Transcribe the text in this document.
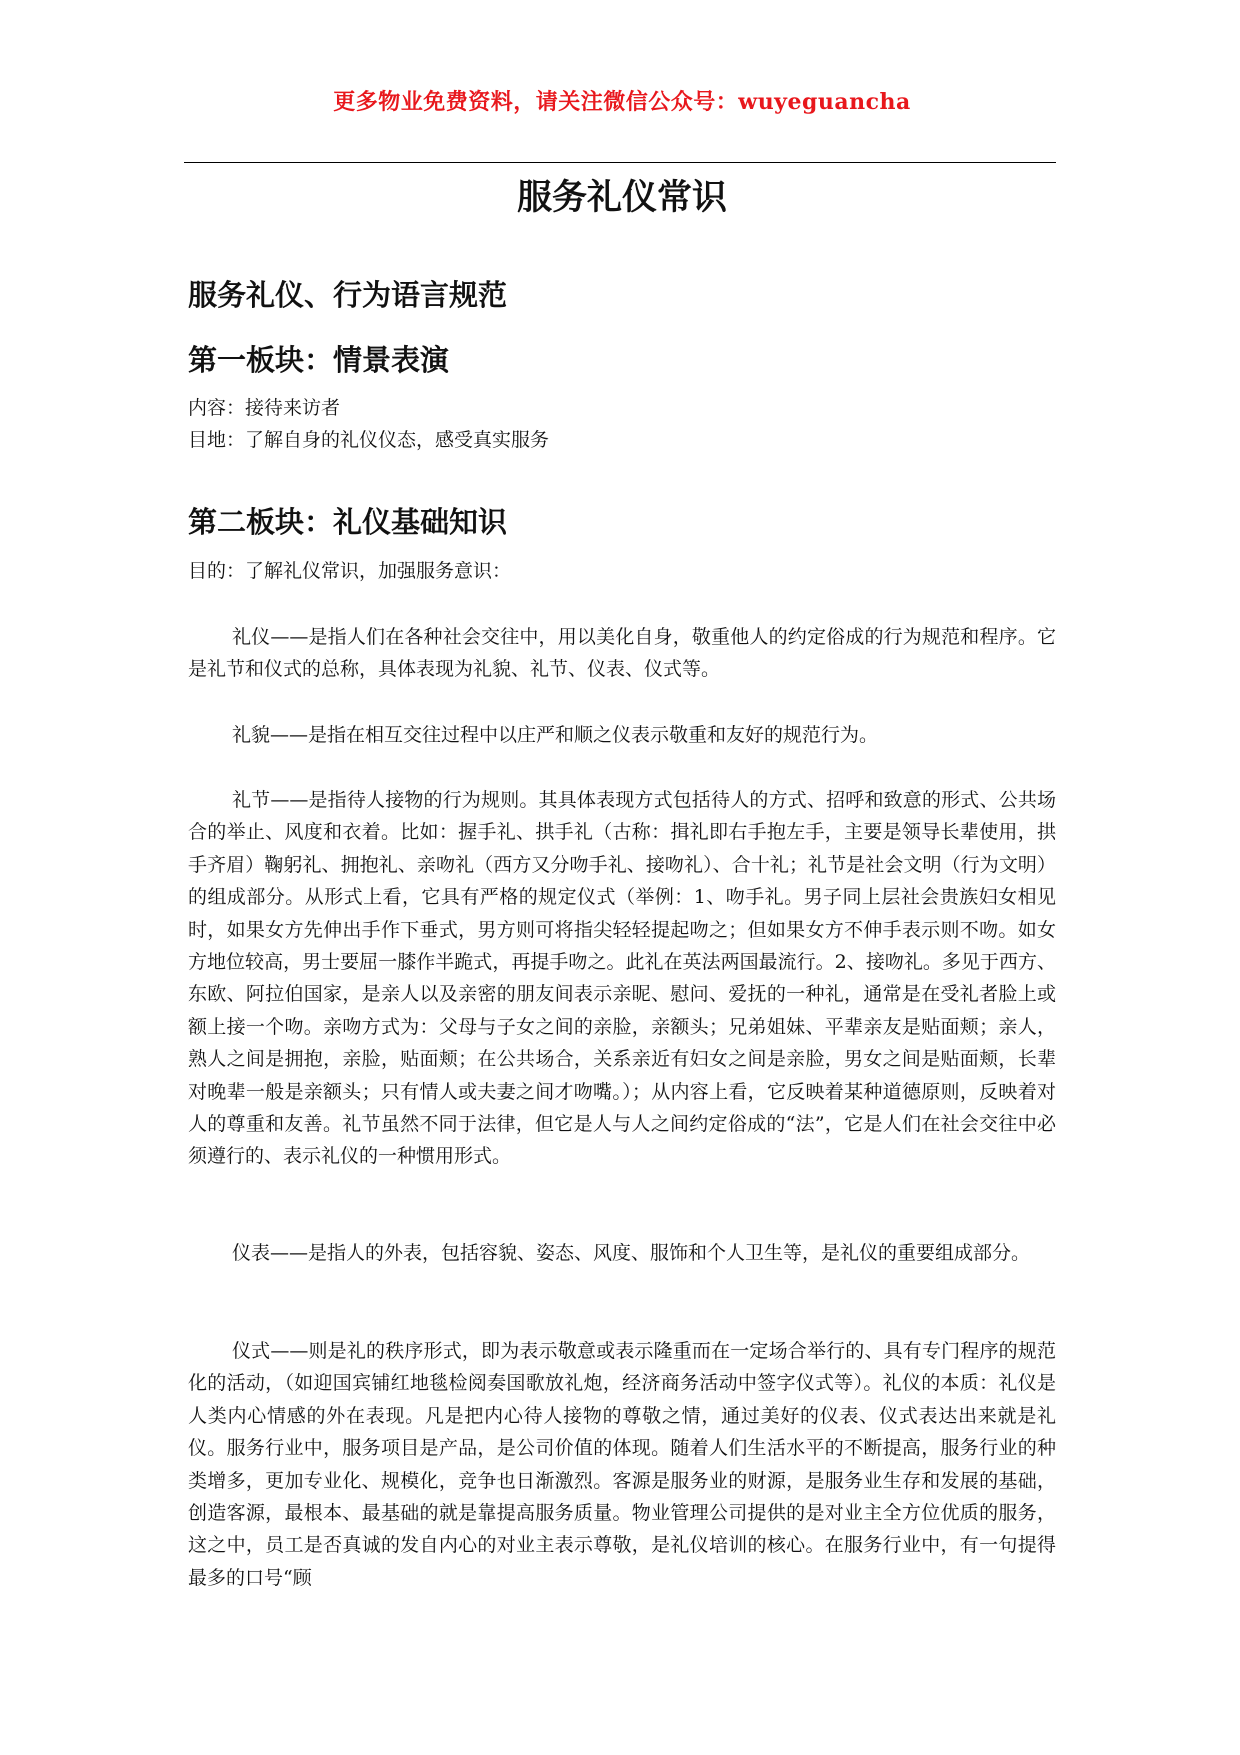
更多物业免费资料，请关注微信公众号：wuyeguancha
服务礼仪常识
服务礼仪、行为语言规范
第一板块：情景表演

内容：接待来访者

目地：了解自身的礼仪仪态，感受真实服务

第二板块：礼仪基础知识

目的：了解礼仪常识，加强服务意识：

礼仪——是指人们在各种社会交往中，用以美化自身，敬重他人的约定俗成的行为规范和程序。它是礼节和仪式的总称，具体表现为礼貌、礼节、仪表、仪式等。

礼貌——是指在相互交往过程中以庄严和顺之仪表示敬重和友好的规范行为。

礼节——是指待人接物的行为规则。其具体表现方式包括待人的方式、招呼和致意的形式、公共场合的举止、风度和衣着。比如：握手礼、拱手礼（古称：揖礼即右手抱左手，主要是领导长辈使用，拱手齐眉）鞠躬礼、拥抱礼、亲吻礼（西方又分吻手礼、接吻礼）、合十礼；礼节是社会文明（行为文明）的组成部分。从形式上看，它具有严格的规定仪式（举例：1、吻手礼。男子同上层社会贵族妇女相见时，如果女方先伸出手作下垂式，男方则可将指尖轻轻提起吻之；但如果女方不伸手表示则不吻。如女方地位较高，男士要屈一膝作半跪式，再提手吻之。此礼在英法两国最流行。2、接吻礼。多见于西方、东欧、阿拉伯国家，是亲人以及亲密的朋友间表示亲昵、慰问、爱抚的一种礼，通常是在受礼者脸上或额上接一个吻。亲吻方式为：父母与子女之间的亲脸，亲额头；兄弟姐妹、平辈亲友是贴面颊；亲人，熟人之间是拥抱，亲脸，贴面颊；在公共场合，关系亲近有妇女之间是亲脸，男女之间是贴面颊，长辈对晚辈一般是亲额头；只有情人或夫妻之间才吻嘴。）；从内容上看，它反映着某种道德原则，反映着对人的尊重和友善。礼节虽然不同于法律，但它是人与人之间约定俗成的“法”，它是人们在社会交往中必须遵行的、表示礼仪的一种惯用形式。

仪表——是指人的外表，包括容貌、姿态、风度、服饰和个人卫生等，是礼仪的重要组成部分。

仪式——则是礼的秩序形式，即为表示敬意或表示隆重而在一定场合举行的、具有专门程序的规范化的活动，（如迎国宾铺红地毯检阅奏国歌放礼炮，经济商务活动中签字仪式等）。礼仪的本质：礼仪是人类内心情感的外在表现。凡是把内心待人接物的尊敬之情，通过美好的仪表、仪式表达出来就是礼仪。服务行业中，服务项目是产品，是公司价值的体现。随着人们生活水平的不断提高，服务行业的种类增多，更加专业化、规模化，竞争也日渐激烈。客源是服务业的财源，是服务业生存和发展的基础，创造客源，最根本、最基础的就是靠提高服务质量。物业管理公司提供的是对业主全方位优质的服务，这之中，员工是否真诚的发自内心的对业主表示尊敬，是礼仪培训的核心。在服务行业中，有一句提得最多的口号“顾
